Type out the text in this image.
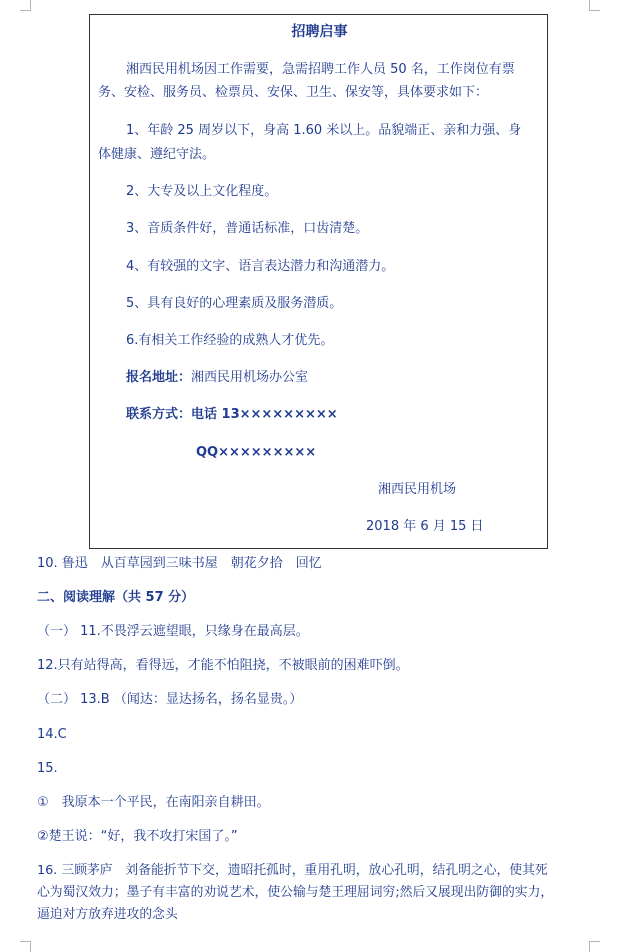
招聘启事
湘西民用机场因工作需要，急需招聘工作人员 50 名，工作岗位有票
务、安检、服务员、检票员、安保、卫生、保安等，具体要求如下：
1、年龄 25 周岁以下，身高 1.60 米以上。品貌端正、亲和力强、身
体健康、遵纪守法。
2、大专及以上文化程度。
3、音质条件好，普通话标准，口齿清楚。
4、有较强的文字、语言表达潜力和沟通潜力。
5、具有良好的心理素质及服务潜质。
6.有相关工作经验的成熟人才优先。
报名地址：湘西民用机场办公室
联系方式：电话 13×××××××××
QQ×××××××××
湘西民用机场
2018 年 6 月 15 日
10. 鲁迅　从百草园到三味书屋　朝花夕拾　回忆
二、阅读理解（共 57 分）
（一） 11.不畏浮云遮望眼，只缘身在最高层。
12.只有站得高，看得远，才能不怕阻挠，不被眼前的困难吓倒。
（二） 13.B （闻达：显达扬名，扬名显贵。）
14.C
15.
①　我原本一个平民，在南阳亲自耕田。
②楚王说：“好，我不攻打宋国了。”
16. 三顾茅庐　刘备能折节下交，遗昭托孤时，重用孔明，放心孔明，结孔明之心，使其死
心为蜀汉效力；墨子有丰富的劝说艺术，使公输与楚王理屈词穷;然后又展现出防御的实力，
逼迫对方放弃进攻的念头
